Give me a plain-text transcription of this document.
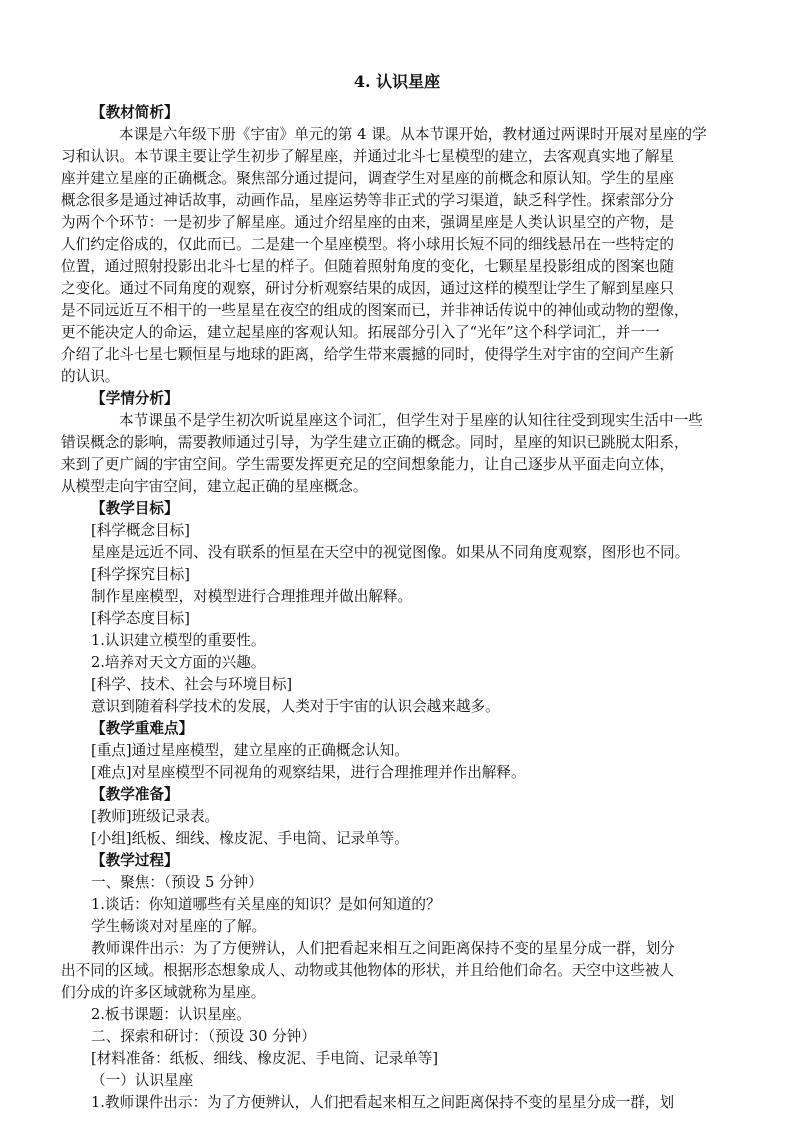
4. 认识星座
【教材简析】
本课是六年级下册《宇宙》单元的第 4 课。从本节课开始，教材通过两课时开展对星座的学
习和认识。本节课主要让学生初步了解星座，并通过北斗七星模型的建立，去客观真实地了解星
座并建立星座的正确概念。聚焦部分通过提问，调查学生对星座的前概念和原认知。学生的星座
概念很多是通过神话故事，动画作品，星座运势等非正式的学习渠道，缺乏科学性。探索部分分
为两个个环节：一是初步了解星座。通过介绍星座的由来，强调星座是人类认识星空的产物，是
人们约定俗成的，仅此而已。二是建一个星座模型。将小球用长短不同的细线悬吊在一些特定的
位置，通过照射投影出北斗七星的样子。但随着照射角度的变化，七颗星星投影组成的图案也随
之变化。通过不同角度的观察，研讨分析观察结果的成因，通过这样的模型让学生了解到星座只
是不同远近互不相干的一些星星在夜空的组成的图案而已，并非神话传说中的神仙或动物的塑像，
更不能决定人的命运，建立起星座的客观认知。拓展部分引入了“光年”这个科学词汇，并一一
介绍了北斗七星七颗恒星与地球的距离，给学生带来震撼的同时，使得学生对宇宙的空间产生新
的认识。
【学情分析】
本节课虽不是学生初次听说星座这个词汇，但学生对于星座的认知往往受到现实生活中一些
错误概念的影响，需要教师通过引导，为学生建立正确的概念。同时，星座的知识已跳脱太阳系，
来到了更广阔的宇宙空间。学生需要发挥更充足的空间想象能力，让自己逐步从平面走向立体，
从模型走向宇宙空间，建立起正确的星座概念。
【教学目标】
[科学概念目标]
星座是远近不同、没有联系的恒星在天空中的视觉图像。如果从不同角度观察，图形也不同。
[科学探究目标]
制作星座模型，对模型进行合理推理并做出解释。
[科学态度目标]
1.认识建立模型的重要性。
2.培养对天文方面的兴趣。
[科学、技术、社会与环境目标]
意识到随着科学技术的发展，人类对于宇宙的认识会越来越多。
【教学重难点】
[重点]通过星座模型，建立星座的正确概念认知。
[难点]对星座模型不同视角的观察结果，进行合理推理并作出解释。
【教学准备】
[教师]班级记录表。
[小组]纸板、细线、橡皮泥、手电筒、记录单等。
【教学过程】
一、聚焦：（预设 5 分钟）
1.谈话：你知道哪些有关星座的知识？是如何知道的？
学生畅谈对对星座的了解。
教师课件出示：为了方便辨认，人们把看起来相互之间距离保持不变的星星分成一群，划分
出不同的区域。根据形态想象成人、动物或其他物体的形状，并且给他们命名。天空中这些被人
们分成的许多区域就称为星座。
2.板书课题：认识星座。
二、探索和研讨：（预设 30 分钟）
[材料准备：纸板、细线、橡皮泥、手电筒、记录单等]
（一）认识星座
1.教师课件出示：为了方便辨认，人们把看起来相互之间距离保持不变的星星分成一群，划
